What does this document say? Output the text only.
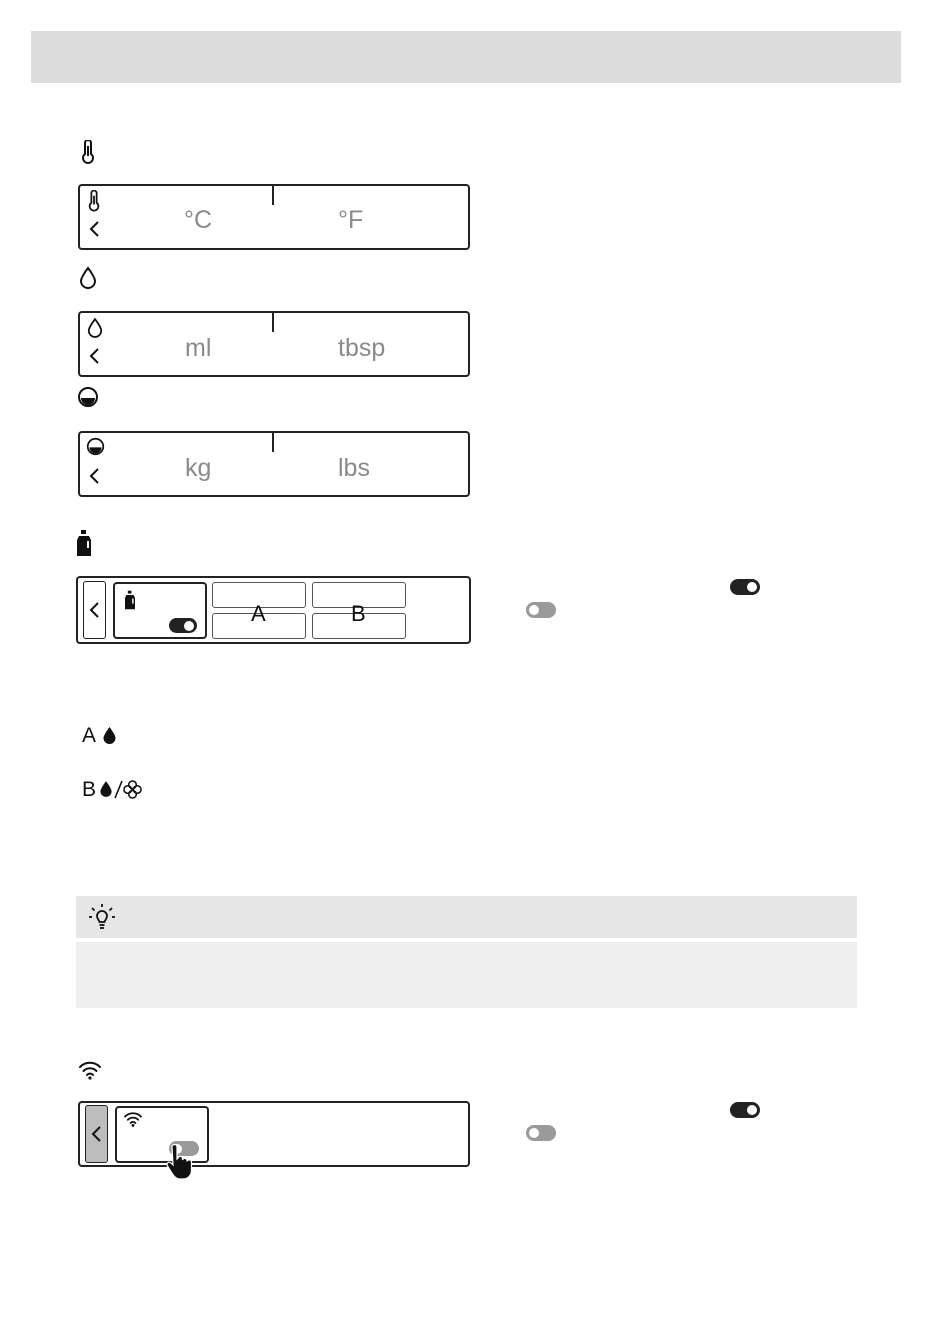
°C	°F
ml	tbsp
kg	lbs
A	B
A
B
